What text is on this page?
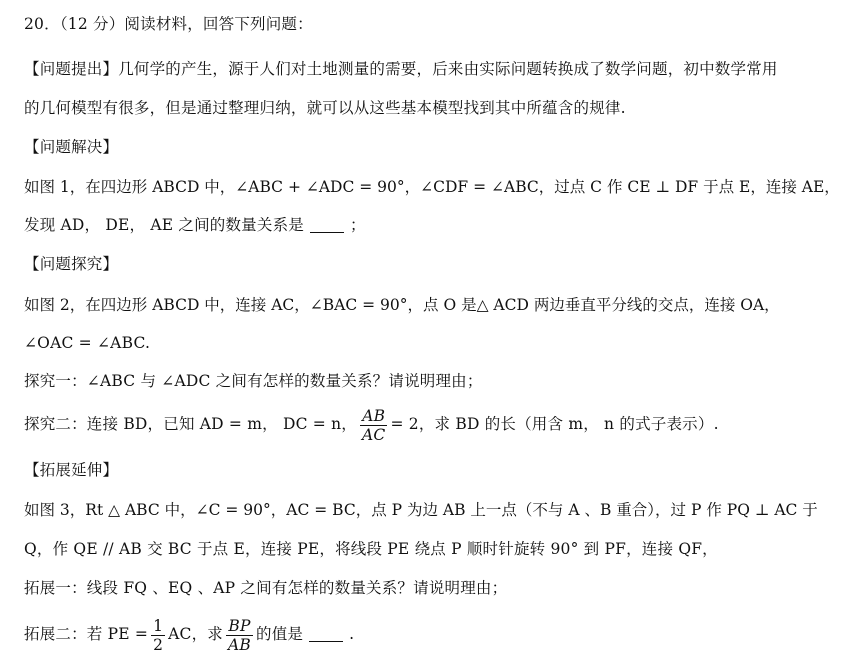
20．（12 分）阅读材料，回答下列问题：
【问题提出】几何学的产生，源于人们对土地测量的需要，后来由实际问题转换成了数学问题，初中数学常用
的几何模型有很多，但是通过整理归纳，就可以从这些基本模型找到其中所蕴含的规律.
【问题解决】
如图 1，在四边形 ABCD 中，∠ABC + ∠ADC = 90°，∠CDF = ∠ABC，过点 C 作 CE ⊥ DF 于点 E，连接 AE，
发现 AD， DE， AE 之间的数量关系是	；
【问题探究】
如图 2，在四边形 ABCD 中，连接 AC，∠BAC = 90°，点 O 是△ ACD 两边垂直平分线的交点，连接 OA，
∠OAC = ∠ABC.
探究一：∠ABC 与 ∠ADC 之间有怎样的数量关系？请说明理由；
探究二：连接 BD，已知 AD = m， DC = n， $\frac{AB}{AC} = 2$，求 BD 的长（用含 m， n 的式子表示）.
【拓展延伸】
如图 3，Rt △ ABC 中，∠C = 90°，AC = BC，点 P 为边 AB 上一点（不与 A 、B 重合），过 P 作 PQ ⊥ AC 于
Q，作 QE // AB 交 BC 于点 E，连接 PE，将线段 PE 绕点 P 顺时针旋转 90° 到 PF，连接 QF，
拓展一：线段 FQ 、EQ 、AP 之间有怎样的数量关系？请说明理由；
拓展二：若 PE = $\frac{1}{2}$ AC，求 $\frac{BP}{AB}$ 的值是	.
